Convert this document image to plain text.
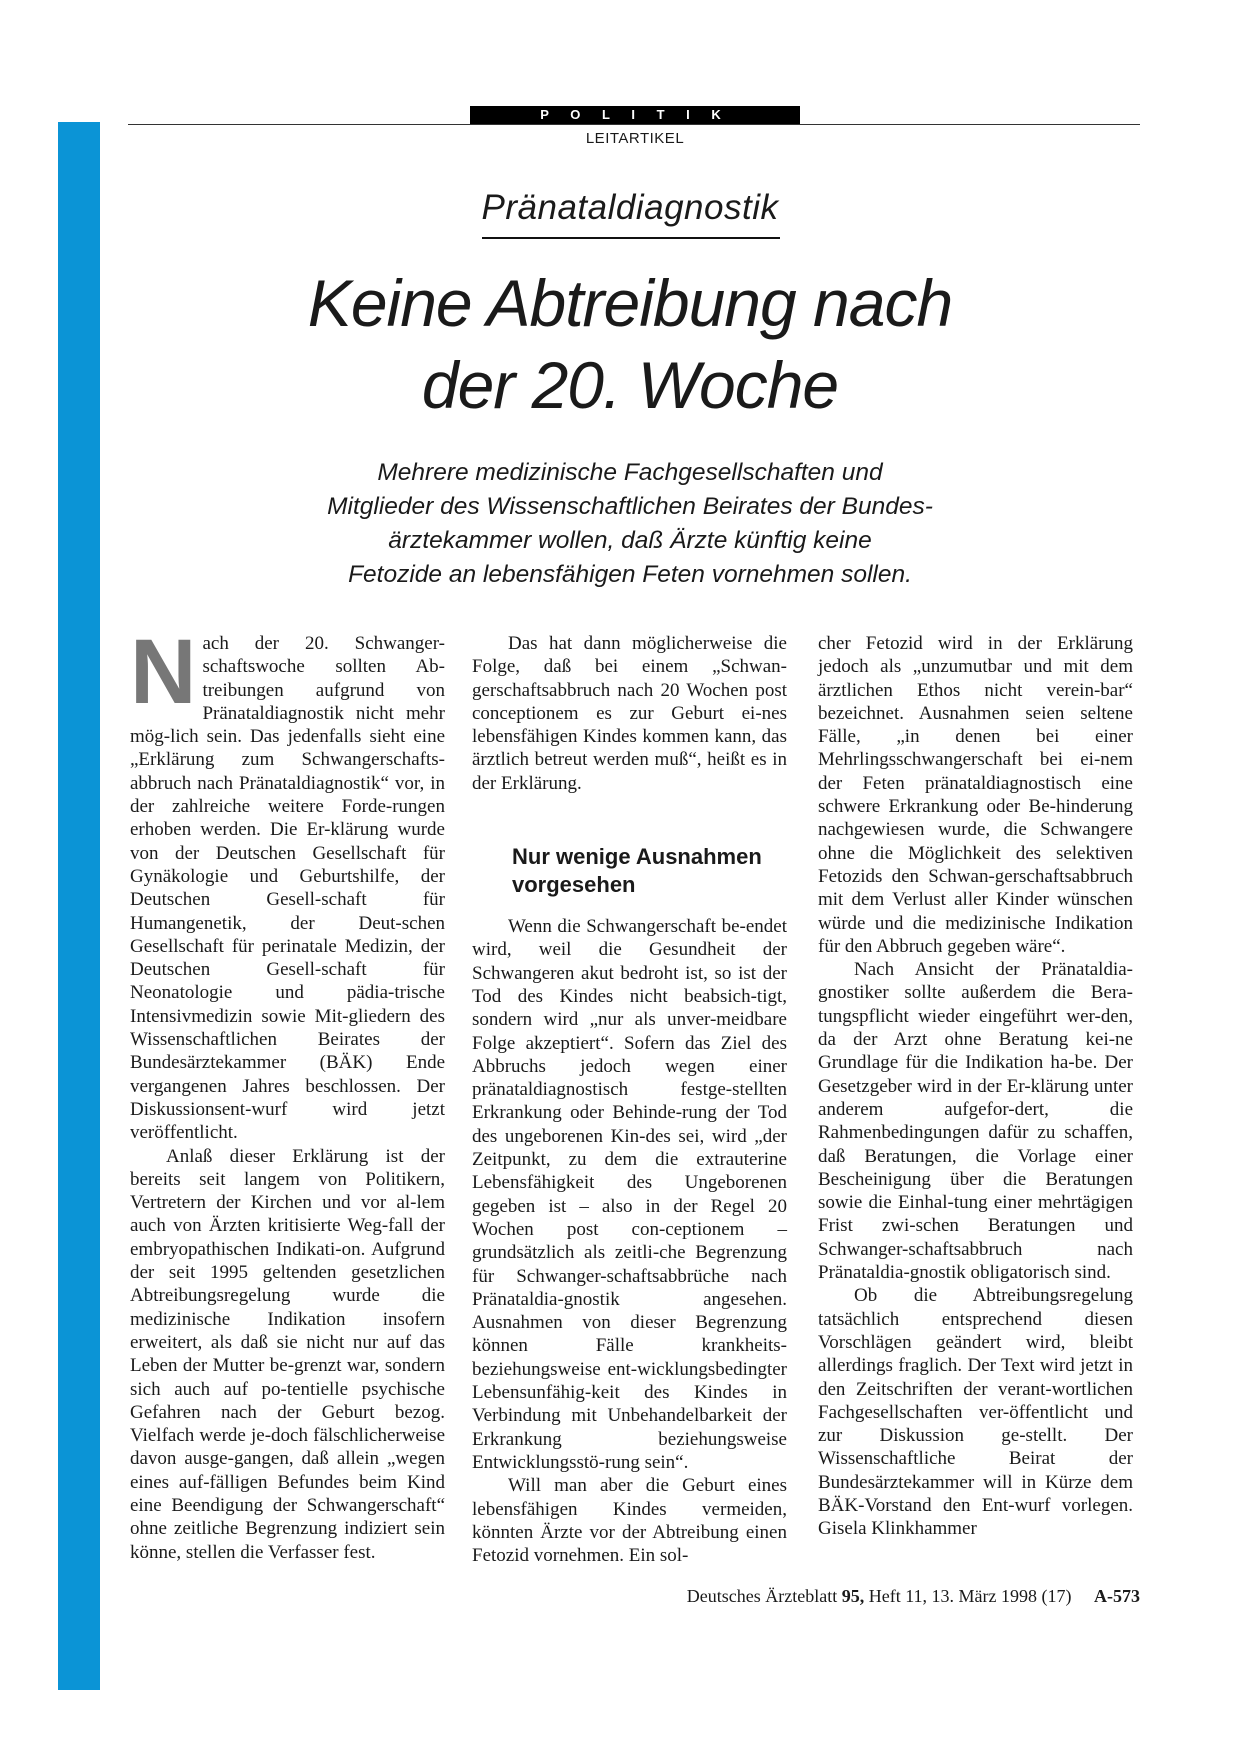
P O L I T I K
LEITARTIKEL
Pränataldiagnostik
Keine Abtreibung nach
der 20. Woche

Mehrere medizinische Fachgesellschaften und
Mitglieder des Wissenschaftlichen Beirates der Bundes-
ärztekammer wollen, daß Ärzte künftig keine
Fetozide an lebensfähigen Feten vornehmen sollen.

Nach der 20. Schwanger-schaftswoche sollten Ab-treibungen aufgrund von Pränataldiagnostik nicht mehr mög-lich sein. Das jedenfalls sieht eine „Erklärung zum Schwangerschafts-abbruch nach Pränataldiagnostik“ vor, in der zahlreiche weitere Forde-rungen erhoben werden. Die Er-klärung wurde von der Deutschen Gesellschaft für Gynäkologie und Geburtshilfe, der Deutschen Gesell-schaft für Humangenetik, der Deut-schen Gesellschaft für perinatale Medizin, der Deutschen Gesell-schaft für Neonatologie und pädia-trische Intensivmedizin sowie Mit-gliedern des Wissenschaftlichen Beirates der Bundesärztekammer (BÄK) Ende vergangenen Jahres beschlossen. Der Diskussionsent-wurf wird jetzt veröffentlicht.

Anlaß dieser Erklärung ist der bereits seit langem von Politikern, Vertretern der Kirchen und vor al-lem auch von Ärzten kritisierte Weg-fall der embryopathischen Indikati-on. Aufgrund der seit 1995 geltenden gesetzlichen Abtreibungsregelung wurde die medizinische Indikation insofern erweitert, als daß sie nicht nur auf das Leben der Mutter be-grenzt war, sondern sich auch auf po-tentielle psychische Gefahren nach der Geburt bezog. Vielfach werde je-doch fälschlicherweise davon ausge-gangen, daß allein „wegen eines auf-fälligen Befundes beim Kind eine Beendigung der Schwangerschaft“ ohne zeitliche Begrenzung indiziert sein könne, stellen die Verfasser fest.

Das hat dann möglicherweise die Folge, daß bei einem „Schwan-gerschaftsabbruch nach 20 Wochen post conceptionem es zur Geburt ei-nes lebensfähigen Kindes kommen kann, das ärztlich betreut werden muß“, heißt es in der Erklärung.

Nur wenige Ausnahmen vorgesehen

Wenn die Schwangerschaft be-endet wird, weil die Gesundheit der Schwangeren akut bedroht ist, so ist der Tod des Kindes nicht beabsich-tigt, sondern wird „nur als unver-meidbare Folge akzeptiert“. Sofern das Ziel des Abbruchs jedoch wegen einer pränataldiagnostisch festge-stellten Erkrankung oder Behinde-rung der Tod des ungeborenen Kin-des sei, wird „der Zeitpunkt, zu dem die extrauterine Lebensfähigkeit des Ungeborenen gegeben ist – also in der Regel 20 Wochen post con-ceptionem – grundsätzlich als zeitli-che Begrenzung für Schwanger-schaftsabbrüche nach Pränataldia-gnostik angesehen. Ausnahmen von dieser Begrenzung können Fälle krankheits- beziehungsweise ent-wicklungsbedingter Lebensunfähig-keit des Kindes in Verbindung mit Unbehandelbarkeit der Erkrankung beziehungsweise Entwicklungsstö-rung sein“.

Will man aber die Geburt eines lebensfähigen Kindes vermeiden, könnten Ärzte vor der Abtreibung einen Fetozid vornehmen. Ein sol-

cher Fetozid wird in der Erklärung jedoch als „unzumutbar und mit dem ärztlichen Ethos nicht verein-bar“ bezeichnet. Ausnahmen seien seltene Fälle, „in denen bei einer Mehrlingsschwangerschaft bei ei-nem der Feten pränataldiagnostisch eine schwere Erkrankung oder Be-hinderung nachgewiesen wurde, die Schwangere ohne die Möglichkeit des selektiven Fetozids den Schwan-gerschaftsabbruch mit dem Verlust aller Kinder wünschen würde und die medizinische Indikation für den Abbruch gegeben wäre“.

Nach Ansicht der Pränataldia-gnostiker sollte außerdem die Bera-tungspflicht wieder eingeführt wer-den, da der Arzt ohne Beratung kei-ne Grundlage für die Indikation ha-be. Der Gesetzgeber wird in der Er-klärung unter anderem aufgefor-dert, die Rahmenbedingungen dafür zu schaffen, daß Beratungen, die Vorlage einer Bescheinigung über die Beratungen sowie die Einhal-tung einer mehrtägigen Frist zwi-schen Beratungen und Schwanger-schaftsabbruch nach Pränataldia-gnostik obligatorisch sind.

Ob die Abtreibungsregelung tatsächlich entsprechend diesen Vorschlägen geändert wird, bleibt allerdings fraglich. Der Text wird jetzt in den Zeitschriften der verant-wortlichen Fachgesellschaften ver-öffentlicht und zur Diskussion ge-stellt. Der Wissenschaftliche Beirat der Bundesärztekammer will in Kürze dem BÄK-Vorstand den Ent-wurf vorlegen. Gisela Klinkhammer

Deutsches Ärzteblatt 95, Heft 11, 13. März 1998 (17) A-573
